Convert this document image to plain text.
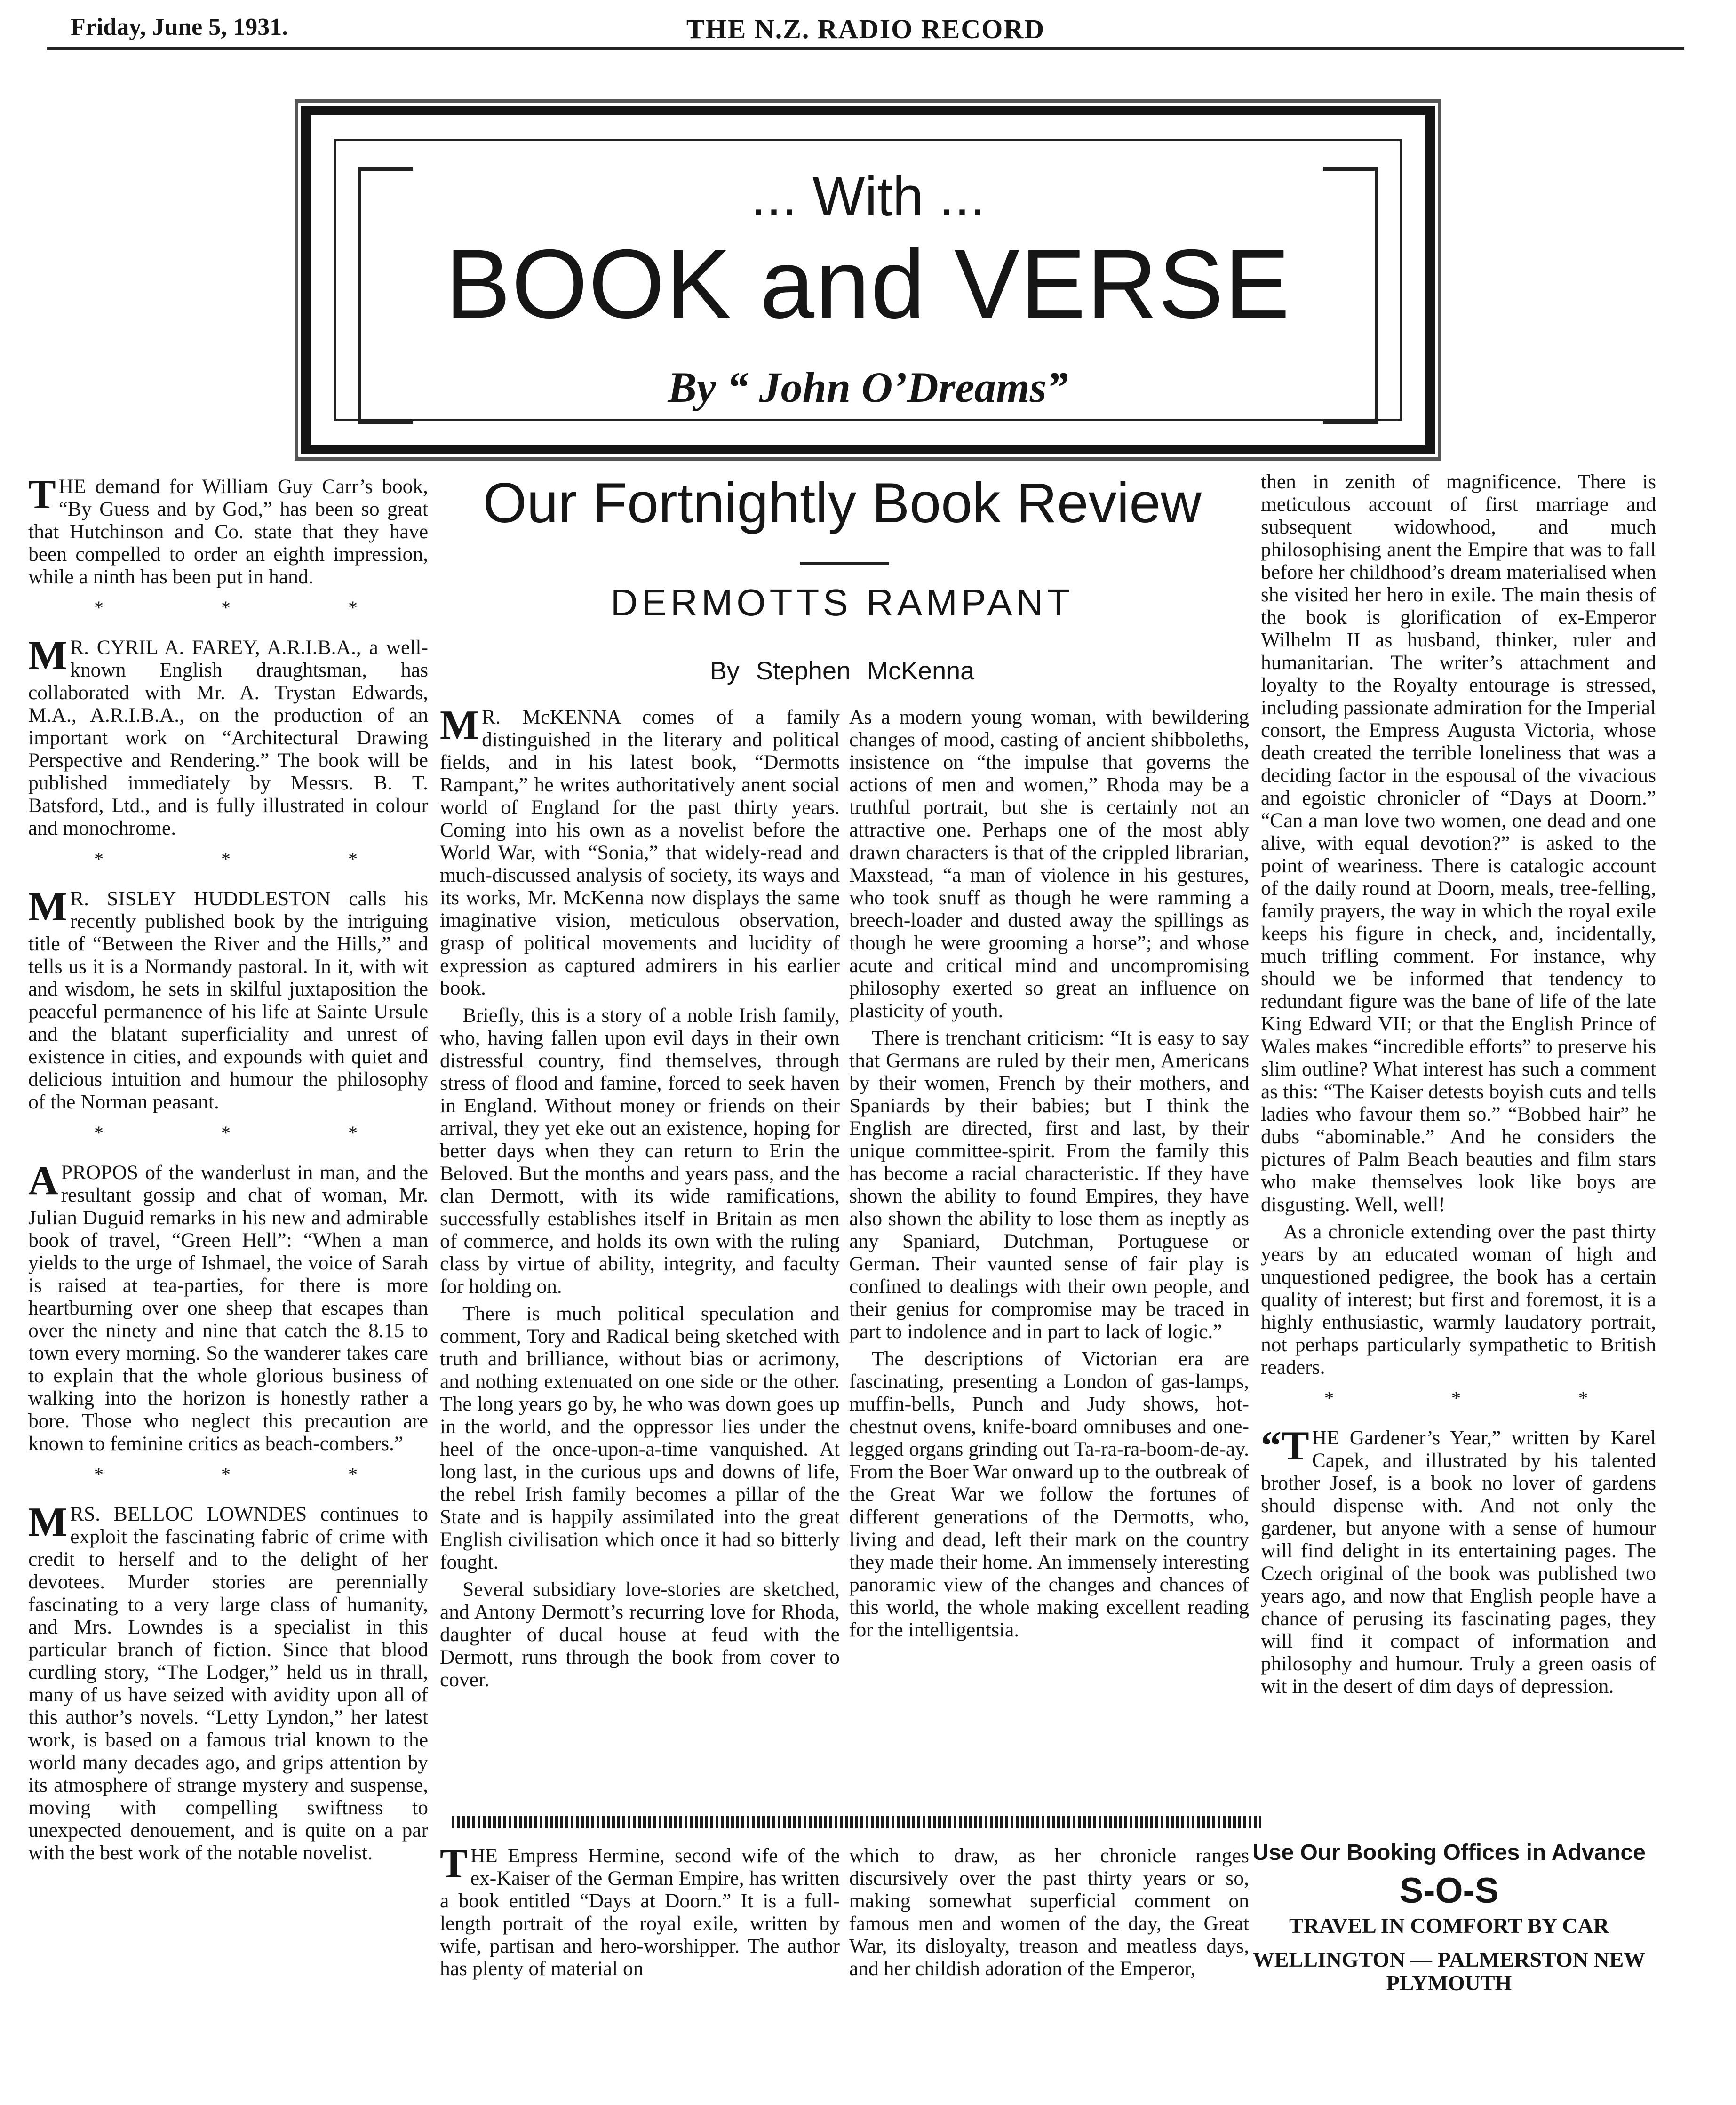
Friday, June 5, 1931.	THE N.Z. RADIO RECORD
... With ...
BOOK and VERSE
By “ John O’Dreams”

THE demand for William Guy Carr’s book, “By Guess and by God,” has been so great that Hutchinson and Co. state that they have been compelled to order an eighth impression, while a ninth has been put in hand.

* * *

M R. CYRIL A. FAREY, A.R.I.B.A., a well-known English draughtsman, has collaborated with Mr. A. Trystan Edwards, M.A., A.R.I.B.A., on the production of an important work on “Architectural Drawing Perspective and Rendering.” The book will be published immediately by Messrs. B. T. Batsford, Ltd., and is fully illustrated in colour and monochrome.

* * *

M R. SISLEY HUDDLESTON calls his recently published book by the intriguing title of “Between the River and the Hills,” and tells us it is a Normandy pastoral. In it, with wit and wisdom, he sets in skilful juxtaposition the peaceful permanence of his life at Sainte Ursule and the blatant superficiality and unrest of existence in cities, and expounds with quiet and delicious intuition and humour the philosophy of the Norman peasant.

* * *

APROPOS of the wanderlust in man, and the resultant gossip and chat of woman, Mr. Julian Duguid remarks in his new and admirable book of travel, “Green Hell”: “When a man yields to the urge of Ishmael, the voice of Sarah is raised at tea-parties, for there is more heartburning over one sheep that escapes than over the ninety and nine that catch the 8.15 to town every morning. So the wanderer takes care to explain that the whole glorious business of walking into the horizon is honestly rather a bore. Those who neglect this precaution are known to feminine critics as beach-combers.”

* * *

MRS. BELLOC LOWNDES continues to exploit the fascinating fabric of crime with credit to herself and to the delight of her devotees. Murder stories are perennially fascinating to a very large class of humanity, and Mrs. Lowndes is a specialist in this particular branch of fiction. Since that blood curdling story, “The Lodger,” held us in thrall, many of us have seized with avidity upon all of this author’s novels. “Letty Lyndon,” her latest work, is based on a famous trial known to the world many decades ago, and grips attention by its atmosphere of strange mystery and suspense, moving with compelling swiftness to unexpected denouement, and is quite on a par with the best work of the notable novelist.

Our Fortnightly Book Review
DERMOTTS RAMPANT
By Stephen McKenna

M R. McKENNA comes of a family distinguished in the literary and political fields, and in his latest book, “Dermotts Rampant,” he writes authoritatively anent social world of England for the past thirty years. Coming into his own as a novelist before the World War, with “Sonia,” that widely-read and much-discussed analysis of society, its ways and its works, Mr. McKenna now displays the same imaginative vision, meticulous observation, grasp of political movements and lucidity of expression as captured admirers in his earlier book.

Briefly, this is a story of a noble Irish family, who, having fallen upon evil days in their own distressful country, find themselves, through stress of flood and famine, forced to seek haven in England. Without money or friends on their arrival, they yet eke out an existence, hoping for better days when they can return to Erin the Beloved. But the months and years pass, and the clan Dermott, with its wide ramifications, successfully establishes itself in Britain as men of commerce, and holds its own with the ruling class by virtue of ability, integrity, and faculty for holding on.

There is much political speculation and comment, Tory and Radical being sketched with truth and brilliance, without bias or acrimony, and nothing extenuated on one side or the other. The long years go by, he who was down goes up in the world, and the oppressor lies under the heel of the once-upon-a-time vanquished. At long last, in the curious ups and downs of life, the rebel Irish family becomes a pillar of the State and is happily assimilated into the great English civilisation which once it had so bitterly fought.

Several subsidiary love-stories are sketched, and Antony Dermott’s recurring love for Rhoda, daughter of ducal house at feud with the Dermott, runs through the book from cover to cover.

As a modern young woman, with bewildering changes of mood, casting of ancient shibboleths, insistence on “the impulse that governs the actions of men and women,” Rhoda may be a truthful portrait, but she is certainly not an attractive one. Perhaps one of the most ably drawn characters is that of the crippled librarian, Maxstead, “a man of violence in his gestures, who took snuff as though he were ramming a breech-loader and dusted away the spillings as though he were grooming a horse”; and whose acute and critical mind and uncompromising philosophy exerted so great an influence on plasticity of youth.

There is trenchant criticism: “It is easy to say that Germans are ruled by their men, Americans by their women, French by their mothers, and Spaniards by their babies; but I think the English are directed, first and last, by their unique committee-spirit. From the family this has become a racial characteristic. If they have shown the ability to found Empires, they have also shown the ability to lose them as ineptly as any Spaniard, Dutchman, Portuguese or German. Their vaunted sense of fair play is confined to dealings with their own people, and their genius for compromise may be traced in part to indolence and in part to lack of logic.”

The descriptions of Victorian era are fascinating, presenting a London of gas-lamps, muffin-bells, Punch and Judy shows, hot-chestnut ovens, knife-board omnibuses and one-legged organs grinding out Ta-ra-ra-boom-de-ay. From the Boer War onward up to the outbreak of the Great War we follow the fortunes of different generations of the Dermotts, who, living and dead, left their mark on the country they made their home. An immensely interesting panoramic view of the changes and chances of this world, the whole making excellent reading for the intelligentsia.

then in zenith of magnificence. There is meticulous account of first marriage and subsequent widowhood, and much philosophising anent the Empire that was to fall before her childhood’s dream materialised when she visited her hero in exile. The main thesis of the book is glorification of ex-Emperor Wilhelm II as husband, thinker, ruler and humanitarian. The writer’s attachment and loyalty to the Royalty entourage is stressed, including passionate admiration for the Imperial consort, the Empress Augusta Victoria, whose death created the terrible loneliness that was a deciding factor in the espousal of the vivacious and egoistic chronicler of “Days at Doorn.” “Can a man love two women, one dead and one alive, with equal devotion?” is asked to the point of weariness. There is catalogic account of the daily round at Doorn, meals, tree-felling, family prayers, the way in which the royal exile keeps his figure in check, and, incidentally, much trifling comment. For instance, why should we be informed that tendency to redundant figure was the bane of life of the late King Edward VII; or that the English Prince of Wales makes “incredible efforts” to preserve his slim outline? What interest has such a comment as this: “The Kaiser detests boyish cuts and tells ladies who favour them so.” “Bobbed hair” he dubs “abominable.” And he considers the pictures of Palm Beach beauties and film stars who make themselves look like boys are disgusting. Well, well!

As a chronicle extending over the past thirty years by an educated woman of high and unquestioned pedigree, the book has a certain quality of interest; but first and foremost, it is a highly enthusiastic, warmly laudatory portrait, not perhaps particularly sympathetic to British readers.

* * *

“THE Gardener’s Year,” written by Karel Capek, and illustrated by his talented brother Josef, is a book no lover of gardens should dispense with. And not only the gardener, but anyone with a sense of humour will find delight in its entertaining pages. The Czech original of the book was published two years ago, and now that English people have a chance of perusing its fascinating pages, they will find it compact of information and philosophy and humour. Truly a green oasis of wit in the desert of dim days of depression.

THE Empress Hermine, second wife of the ex-Kaiser of the German Empire, has written a book entitled “Days at Doorn.” It is a full-length portrait of the royal exile, written by wife, partisan and hero-worshipper. The author has plenty of material on

which to draw, as her chronicle ranges discursively over the past thirty years or so, making somewhat superficial comment on famous men and women of the day, the Great War, its disloyalty, treason and meatless days, and her childish adoration of the Emperor,

Use Our Booking Offices in Advance
S-O-S
TRAVEL IN COMFORT BY CAR
WELLINGTON — PALMERSTON NEW PLYMOUTH
